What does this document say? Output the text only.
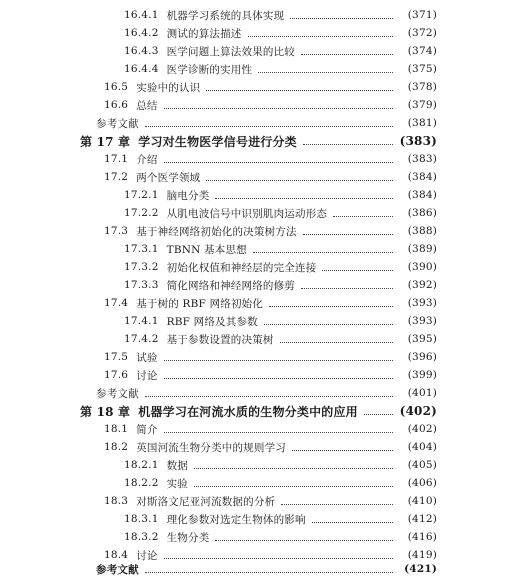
16.4.1 机器学习系统的具体实现	(371)
16.4.2 测试的算法描述	(372)
16.4.3 医学问题上算法效果的比较	(374)
16.4.4 医学诊断的实用性	(375)
16.5 实验中的认识	(378)
16.6 总结	(379)
参考文献	(381)
第 17 章 学习对生物医学信号进行分类	(383)
17.1 介绍	(383)
17.2 两个医学领域	(384)
17.2.1 脑电分类	(384)
17.2.2 从肌电波信号中识别肌肉运动形态	(386)
17.3 基于神经网络初始化的决策树方法	(388)
17.3.1 TBNN 基本思想	(389)
17.3.2 初始化权值和神经层的完全连接	(390)
17.3.3 简化网络和神经网络的修剪	(392)
17.4 基于树的 RBF 网络初始化	(393)
17.4.1 RBF 网络及其参数	(393)
17.4.2 基于参数设置的决策树	(395)
17.5 试验	(396)
17.6 讨论	(399)
参考文献	(401)
第 18 章 机器学习在河流水质的生物分类中的应用	(402)
18.1 简介	(402)
18.2 英国河流生物分类中的规则学习	(404)
18.2.1 数据	(405)
18.2.2 实验	(406)
18.3 对斯洛文尼亚河流数据的分析	(410)
18.3.1 理化参数对选定生物体的影响	(412)
18.3.2 生物分类	(416)
18.4 讨论	(419)
参考文献	(421)
